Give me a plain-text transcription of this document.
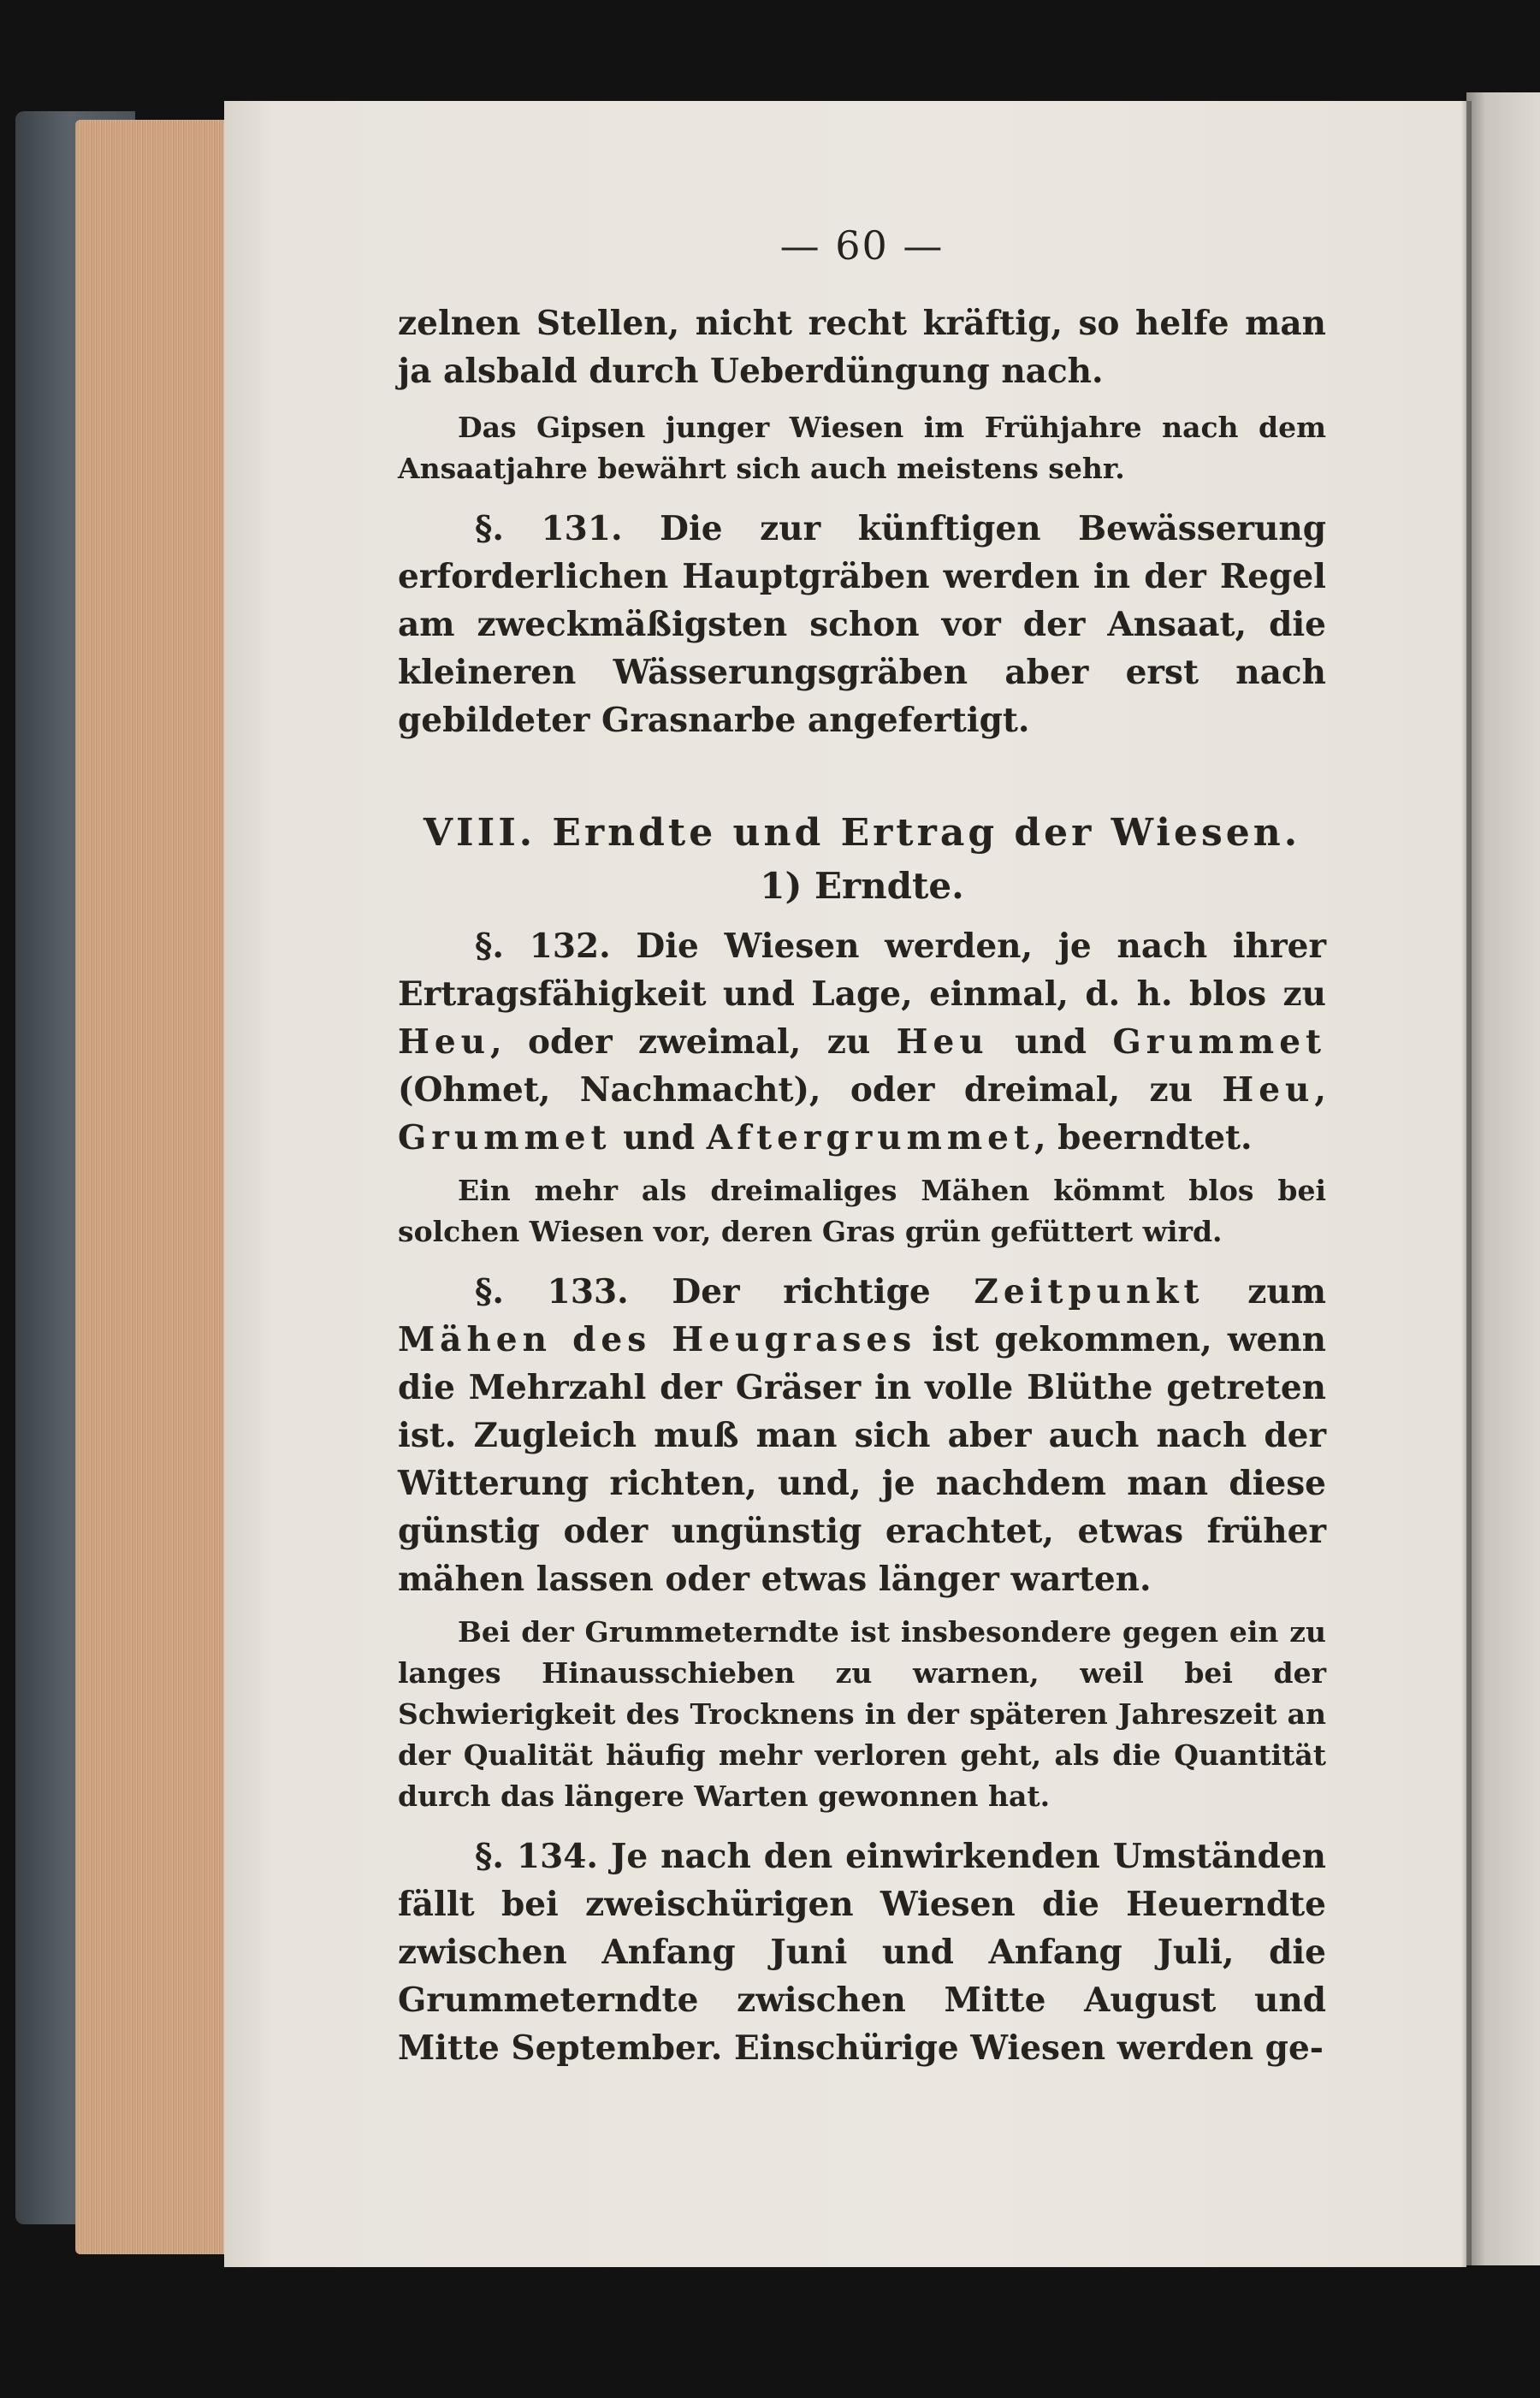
— 60 —

zelnen Stellen, nicht recht kräftig, so helfe man ja alsbald durch Ueberdüngung nach.

Das Gipsen junger Wiesen im Frühjahre nach dem Ansaatjahre bewährt sich auch meistens sehr.

§. 131. Die zur künftigen Bewässerung erforderlichen Hauptgräben werden in der Regel am zweckmäßigsten schon vor der Ansaat, die kleineren Wässerungsgräben aber erst nach gebildeter Grasnarbe angefertigt.

VIII. Erndte und Ertrag der Wiesen.
1) Erndte.

§. 132. Die Wiesen werden, je nach ihrer Ertragsfähigkeit und Lage, einmal, d. h. blos zu Heu, oder zweimal, zu Heu und Grummet (Ohmet, Nachmacht), oder dreimal, zu Heu, Grummet und Aftergrummet, beerndtet.

Ein mehr als dreimaliges Mähen kömmt blos bei solchen Wiesen vor, deren Gras grün gefüttert wird.

§. 133. Der richtige Zeitpunkt zum Mähen des Heugrases ist gekommen, wenn die Mehrzahl der Gräser in volle Blüthe getreten ist. Zugleich muß man sich aber auch nach der Witterung richten, und, je nachdem man diese günstig oder ungünstig erachtet, etwas früher mähen lassen oder etwas länger warten.

Bei der Grummeterndte ist insbesondere gegen ein zu langes Hinausschieben zu warnen, weil bei der Schwierigkeit des Trocknens in der späteren Jahreszeit an der Qualität häufig mehr verloren geht, als die Quantität durch das längere Warten gewonnen hat.

§. 134. Je nach den einwirkenden Umständen fällt bei zweischürigen Wiesen die Heuerndte zwischen Anfang Juni und Anfang Juli, die Grummeterndte zwischen Mitte August und Mitte September. Einschürige Wiesen werden ge-
